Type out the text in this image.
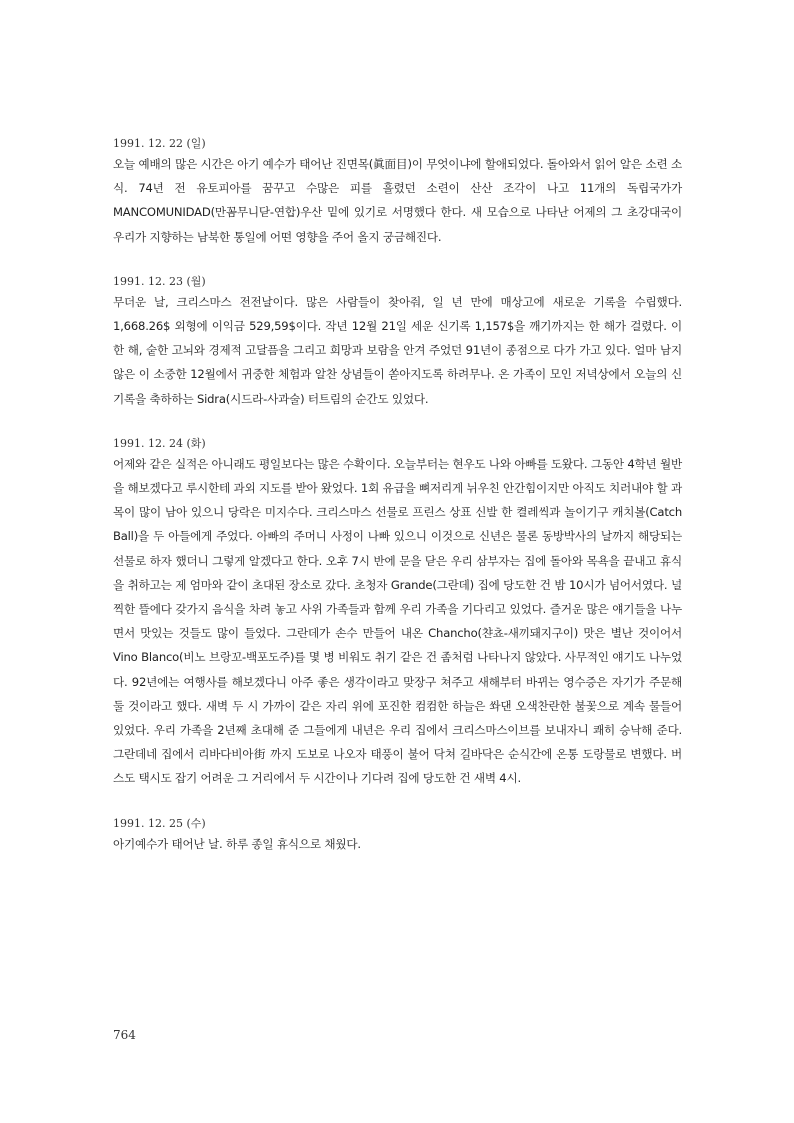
1991. 12. 22 (일)
오늘 예배의 많은 시간은 아기 예수가 태어난 진면목(眞面目)이 무엇이냐에 할애되었다. 돌아와서 읽어 알은 소련 소식. 74년 전 유토피아를 꿈꾸고 수많은 피를 흘렸던 소련이 산산 조각이 나고 11개의 독립국가가 MANCOMUNIDAD(만꼼무니닫-연합)우산 밑에 있기로 서명했다 한다. 새 모습으로 나타난 어제의 그 초강대국이 우리가 지향하는 남북한 통일에 어떤 영향을 주어 올지 궁금해진다.
1991. 12. 23 (월)
무더운 날, 크리스마스 전전날이다. 많은 사람들이 찾아줘, 일 년 만에 매상고에 새로운 기록을 수립했다. 1,668.26$ 외형에 이익금 529,59$이다. 작년 12월 21일 세운 신기록 1,157$을 깨기까지는 한 해가 걸렸다. 이 한 해, 숱한 고뇌와 경제적 고달픔을 그리고 희망과 보람을 안겨 주었던 91년이 종점으로 다가 가고 있다. 얼마 남지 않은 이 소중한 12월에서 귀중한 체험과 알찬 상념들이 쏟아지도록 하려무나. 온 가족이 모인 저녁상에서 오늘의 신기록을 축하하는 Sidra(시드라-사과술) 터트림의 순간도 있었다.
1991. 12. 24 (화)
어제와 같은 실적은 아니래도 평일보다는 많은 수확이다. 오늘부터는 현우도 나와 아빠를 도왔다. 그동안 4학년 월반을 해보겠다고 루시한테 과외 지도를 받아 왔었다. 1회 유급을 뼈저리게 뉘우친 안간힘이지만 아직도 치러내야 할 과목이 많이 남아 있으니 당락은 미지수다. 크리스마스 선물로 프린스 상표 신발 한 켤레씩과 놀이기구 캐치볼(Catch Ball)을 두 아들에게 주었다. 아빠의 주머니 사정이 나빠 있으니 이것으로 신년은 물론 동방박사의 날까지 해당되는 선물로 하자 했더니 그렇게 알겠다고 한다. 오후 7시 반에 문을 닫은 우리 삼부자는 집에 돌아와 목욕을 끝내고 휴식을 취하고는 제 엄마와 같이 초대된 장소로 갔다. 초청자 Grande(그란데) 집에 당도한 건 밤 10시가 넘어서였다. 널찍한 뜰에다 갖가지 음식을 차려 놓고 사위 가족들과 함께 우리 가족을 기다리고 있었다. 즐거운 많은 얘기들을 나누면서 맛있는 것들도 많이 들었다. 그란데가 손수 만들어 내온 Chancho(챤쵸-새끼돼지구이) 맛은 별난 것이어서 Vino Blanco(비노 브랑꼬-백포도주)를 몇 병 비워도 취기 같은 건 좀처럼 나타나지 않았다. 사무적인 얘기도 나누었다. 92년에는 여행사를 해보겠다니 아주 좋은 생각이라고 맞장구 쳐주고 새해부터 바뀌는 영수증은 자기가 주문해 둘 것이라고 했다. 새벽 두 시 가까이 같은 자리 위에 포진한 컴컴한 하늘은 쏴댄 오색찬란한 불꽃으로 계속 물들어 있었다. 우리 가족을 2년째 초대해 준 그들에게 내년은 우리 집에서 크리스마스이브를 보내자니 쾌히 승낙해 준다. 그란데네 집에서 리바다비아街 까지 도보로 나오자 태풍이 불어 닥쳐 길바닥은 순식간에 온통 도랑물로 변했다. 버스도 택시도 잡기 어려운 그 거리에서 두 시간이나 기다려 집에 당도한 건 새벽 4시.
1991. 12. 25 (수)
아기예수가 태어난 날. 하루 종일 휴식으로 채웠다.
764
